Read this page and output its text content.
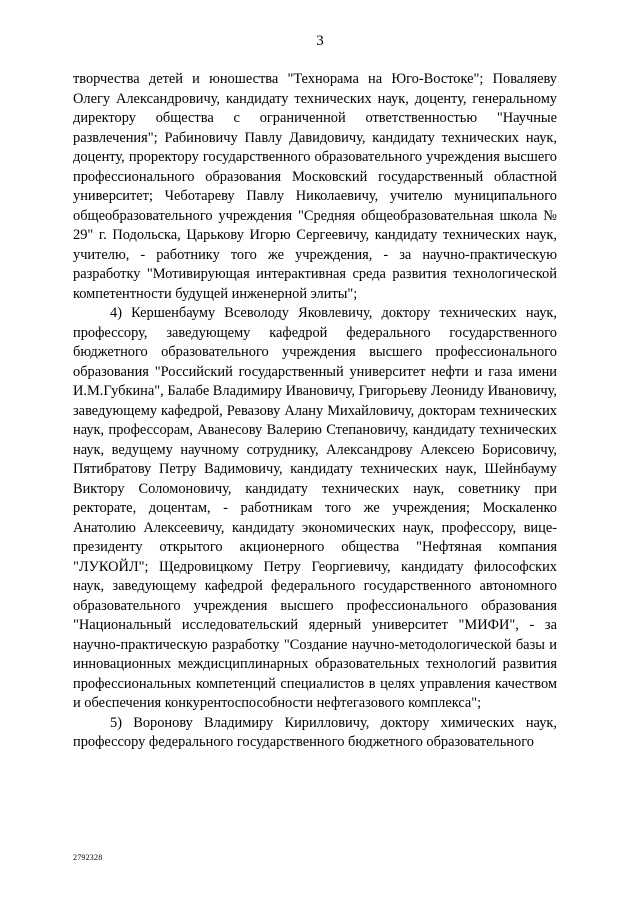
3

творчества детей и юношества "Технорама на Юго-Востоке"; Поваляеву Олегу Александровичу, кандидату технических наук, доценту, генеральному директору общества с ограниченной ответственностью "Научные развлечения"; Рабиновичу Павлу Давидовичу, кандидату технических наук, доценту, проректору государственного образовательного учреждения высшего профессионального образования Московский государственный областной университет; Чеботареву Павлу Николаевичу, учителю муниципального общеобразовательного учреждения "Средняя общеобразовательная школа № 29" г. Подольска, Царькову Игорю Сергеевичу, кандидату технических наук, учителю, - работнику того же учреждения, - за научно-практическую разработку "Мотивирующая интерактивная среда развития технологической компетентности будущей инженерной элиты";

4) Кершенбауму Всеволоду Яковлевичу, доктору технических наук, профессору, заведующему кафедрой федерального государственного бюджетного образовательного учреждения высшего профессионального образования "Российский государственный университет нефти и газа имени И.М.Губкина", Балабе Владимиру Ивановичу, Григорьеву Леониду Ивановичу, заведующему кафедрой, Ревазову Алану Михайловичу, докторам технических наук, профессорам, Аванесову Валерию Степановичу, кандидату технических наук, ведущему научному сотруднику, Александрову Алексею Борисовичу, Пятибратову Петру Вадимовичу, кандидату технических наук, Шейнбауму Виктору Соломоновичу, кандидату технических наук, советнику при ректорате, доцентам, - работникам того же учреждения; Москаленко Анатолию Алексеевичу, кандидату экономических наук, профессору, вице-президенту открытого акционерного общества "Нефтяная компания "ЛУКОЙЛ"; Щедровицкому Петру Георгиевичу, кандидату философских наук, заведующему кафедрой федерального государственного автономного образовательного учреждения высшего профессионального образования "Национальный исследовательский ядерный университет "МИФИ", - за научно-практическую разработку "Создание научно-методологической базы и инновационных междисциплинарных образовательных технологий развития профессиональных компетенций специалистов в целях управления качеством и обеспечения конкурентоспособности нефтегазового комплекса";

5) Воронову Владимиру Кирилловичу, доктору химических наук, профессору федерального государственного бюджетного образовательного

2792328
